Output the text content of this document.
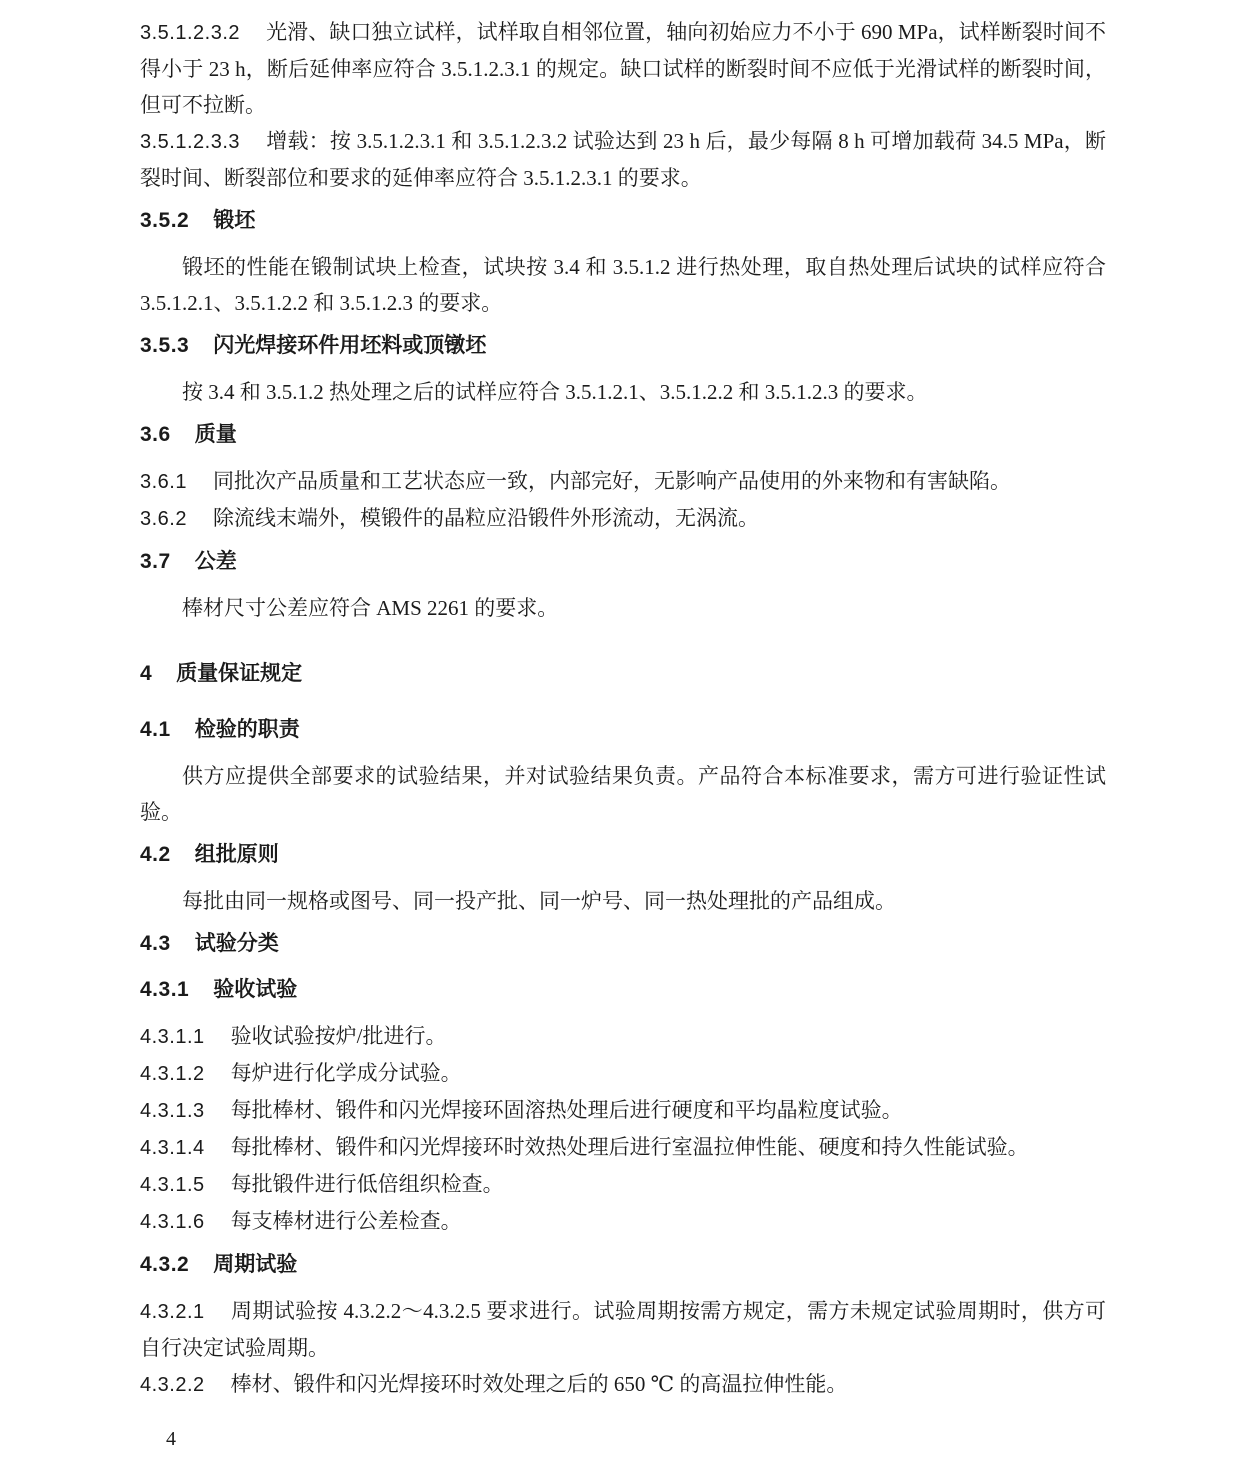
3.5.1.2.3.2 光滑、缺口独立试样，试样取自相邻位置，轴向初始应力不小于 690 MPa，试样断裂时间不得小于 23 h，断后延伸率应符合 3.5.1.2.3.1 的规定。缺口试样的断裂时间不应低于光滑试样的断裂时间，但可不拉断。

3.5.1.2.3.3 增载：按 3.5.1.2.3.1 和 3.5.1.2.3.2 试验达到 23 h 后，最少每隔 8 h 可增加载荷 34.5 MPa，断裂时间、断裂部位和要求的延伸率应符合 3.5.1.2.3.1 的要求。

3.5.2 锻坯

锻坯的性能在锻制试块上检查，试块按 3.4 和 3.5.1.2 进行热处理，取自热处理后试块的试样应符合 3.5.1.2.1、3.5.1.2.2 和 3.5.1.2.3 的要求。

3.5.3 闪光焊接环件用坯料或顶镦坯

按 3.4 和 3.5.1.2 热处理之后的试样应符合 3.5.1.2.1、3.5.1.2.2 和 3.5.1.2.3 的要求。

3.6 质量

3.6.1 同批次产品质量和工艺状态应一致，内部完好，无影响产品使用的外来物和有害缺陷。

3.6.2 除流线末端外，模锻件的晶粒应沿锻件外形流动，无涡流。

3.7 公差

棒材尺寸公差应符合 AMS 2261 的要求。

4 质量保证规定
4.1 检验的职责

供方应提供全部要求的试验结果，并对试验结果负责。产品符合本标准要求，需方可进行验证性试验。

4.2 组批原则

每批由同一规格或图号、同一投产批、同一炉号、同一热处理批的产品组成。

4.3 试验分类
4.3.1 验收试验

4.3.1.1 验收试验按炉/批进行。

4.3.1.2 每炉进行化学成分试验。

4.3.1.3 每批棒材、锻件和闪光焊接环固溶热处理后进行硬度和平均晶粒度试验。

4.3.1.4 每批棒材、锻件和闪光焊接环时效热处理后进行室温拉伸性能、硬度和持久性能试验。

4.3.1.5 每批锻件进行低倍组织检查。

4.3.1.6 每支棒材进行公差检查。

4.3.2 周期试验

4.3.2.1 周期试验按 4.3.2.2～4.3.2.5 要求进行。试验周期按需方规定，需方未规定试验周期时，供方可自行决定试验周期。

4.3.2.2 棒材、锻件和闪光焊接环时效处理之后的 650 ℃ 的高温拉伸性能。

4
